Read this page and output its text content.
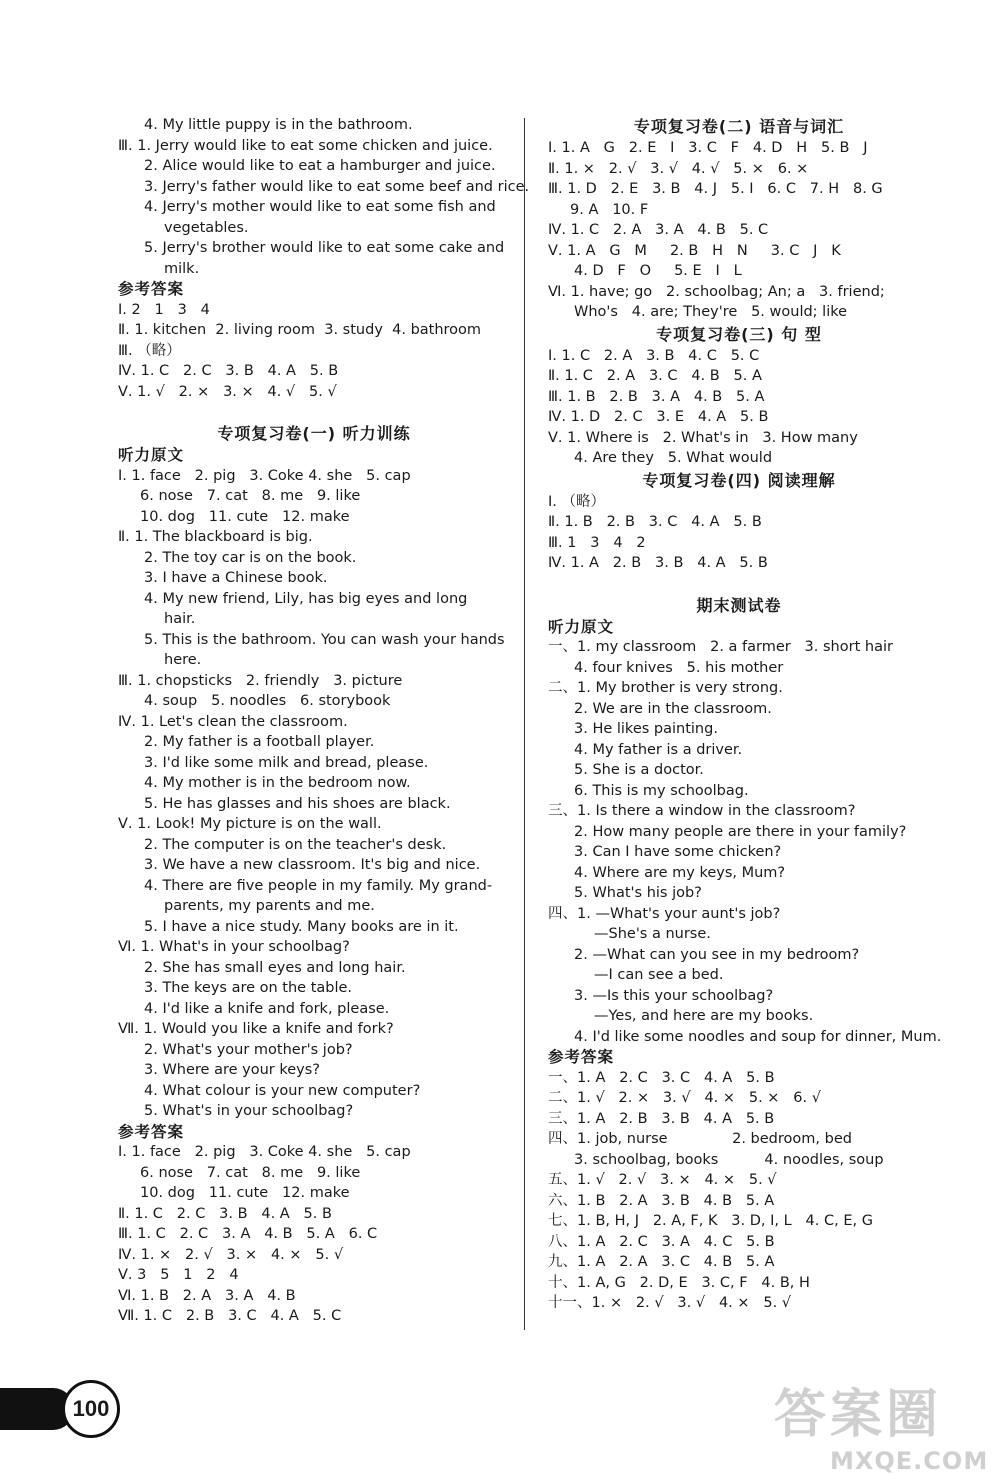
4. My little puppy is in the bathroom.
Ⅲ. 1. Jerry would like to eat some chicken and juice.
2. Alice would like to eat a hamburger and juice.
3. Jerry's father would like to eat some beef and rice.
4. Jerry's mother would like to eat some fish and
vegetables.
5. Jerry's brother would like to eat some cake and
milk.
参考答案
Ⅰ. 2   1   3   4
Ⅱ. 1. kitchen  2. living room  3. study  4. bathroom
Ⅲ. （略）
Ⅳ. 1. C   2. C   3. B   4. A   5. B
Ⅴ. 1. √   2. ×   3. ×   4. √   5. √
专项复习卷(一) 听力训练
听力原文
Ⅰ. 1. face   2. pig   3. Coke 4. she   5. cap
6. nose   7. cat   8. me   9. like
10. dog   11. cute   12. make
Ⅱ. 1. The blackboard is big.
2. The toy car is on the book.
3. I have a Chinese book.
4. My new friend, Lily, has big eyes and long
hair.
5. This is the bathroom. You can wash your hands
here.
Ⅲ. 1. chopsticks   2. friendly   3. picture
4. soup   5. noodles   6. storybook
Ⅳ. 1. Let's clean the classroom.
2. My father is a football player.
3. I'd like some milk and bread, please.
4. My mother is in the bedroom now.
5. He has glasses and his shoes are black.
Ⅴ. 1. Look! My picture is on the wall.
2. The computer is on the teacher's desk.
3. We have a new classroom. It's big and nice.
4. There are five people in my family. My grand-
parents, my parents and me.
5. I have a nice study. Many books are in it.
Ⅵ. 1. What's in your schoolbag?
2. She has small eyes and long hair.
3. The keys are on the table.
4. I'd like a knife and fork, please.
Ⅶ. 1. Would you like a knife and fork?
2. What's your mother's job?
3. Where are your keys?
4. What colour is your new computer?
5. What's in your schoolbag?
参考答案
Ⅰ. 1. face   2. pig   3. Coke 4. she   5. cap
6. nose   7. cat   8. me   9. like
10. dog   11. cute   12. make
Ⅱ. 1. C   2. C   3. B   4. A   5. B
Ⅲ. 1. C   2. C   3. A   4. B   5. A   6. C
Ⅳ. 1. ×   2. √   3. ×   4. ×   5. √
Ⅴ. 3   5   1   2   4
Ⅵ. 1. B   2. A   3. A   4. B
Ⅶ. 1. C   2. B   3. C   4. A   5. C
专项复习卷(二) 语音与词汇
Ⅰ. 1. A   G   2. E   I   3. C   F   4. D   H   5. B   J
Ⅱ. 1. ×   2. √   3. √   4. √   5. ×   6. ×
Ⅲ. 1. D   2. E   3. B   4. J   5. I   6. C   7. H   8. G
9. A   10. F
Ⅳ. 1. C   2. A   3. A   4. B   5. C
Ⅴ. 1. A   G   M     2. B   H   N     3. C   J   K
4. D   F   O     5. E   I   L
Ⅵ. 1. have; go   2. schoolbag; An; a   3. friend;
Who's   4. are; They're   5. would; like
专项复习卷(三) 句 型
Ⅰ. 1. C   2. A   3. B   4. C   5. C
Ⅱ. 1. C   2. A   3. C   4. B   5. A
Ⅲ. 1. B   2. B   3. A   4. B   5. A
Ⅳ. 1. D   2. C   3. E   4. A   5. B
Ⅴ. 1. Where is   2. What's in   3. How many
4. Are they   5. What would
专项复习卷(四) 阅读理解
Ⅰ. （略）
Ⅱ. 1. B   2. B   3. C   4. A   5. B
Ⅲ. 1   3   4   2
Ⅳ. 1. A   2. B   3. B   4. A   5. B
期末测试卷
听力原文
一、1. my classroom   2. a farmer   3. short hair
4. four knives   5. his mother
二、1. My brother is very strong.
2. We are in the classroom.
3. He likes painting.
4. My father is a driver.
5. She is a doctor.
6. This is my schoolbag.
三、1. Is there a window in the classroom?
2. How many people are there in your family?
3. Can I have some chicken?
4. Where are my keys, Mum?
5. What's his job?
四、1. —What's your aunt's job?
—She's a nurse.
2. —What can you see in my bedroom?
—I can see a bed.
3. —Is this your schoolbag?
—Yes, and here are my books.
4. I'd like some noodles and soup for dinner, Mum.
参考答案
一、1. A   2. C   3. C   4. A   5. B
二、1. √   2. ×   3. √   4. ×   5. ×   6. √
三、1. A   2. B   3. B   4. A   5. B
四、1. job, nurse              2. bedroom, bed
3. schoolbag, books          4. noodles, soup
五、1. √   2. √   3. ×   4. ×   5. √
六、1. B   2. A   3. B   4. B   5. A
七、1. B, H, J   2. A, F, K   3. D, I, L   4. C, E, G
八、1. A   2. C   3. A   4. C   5. B
九、1. A   2. A   3. C   4. B   5. A
十、1. A, G   2. D, E   3. C, F   4. B, H
十一、1. ×   2. √   3. √   4. ×   5. √
100	答案圈
MXQE.COM
